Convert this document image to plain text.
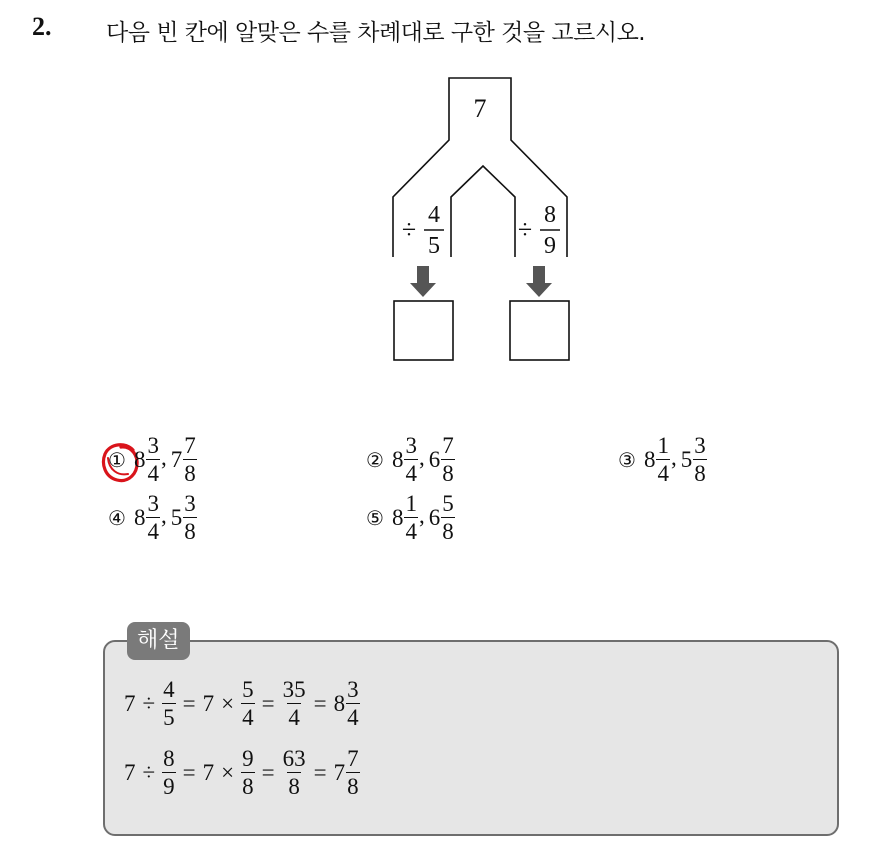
2. 다음 빈 칸에 알맞은 수를 차례대로 구한 것을 고르시오.
7
÷ 4
5
÷ 8
9
① $8 \frac{3}{4}$ , $7 \frac{7}{8}$	② $8 \frac{3}{4}$ , $6 \frac{7}{8}$	③ $8 \frac{1}{4}$ , $5 \frac{3}{8}$
④ $8 \frac{3}{4}$ , $5 \frac{3}{8}$	⑤ $8 \frac{1}{4}$ , $6 \frac{5}{8}$
해설
$7 \div \frac{4}{5} = 7 \times \frac{5}{4} = \frac{35}{4} = 8 \frac{3}{4}$
$7 \div \frac{8}{9} = 7 \times \frac{9}{8} = \frac{63}{8} = 7 \frac{7}{8}$
